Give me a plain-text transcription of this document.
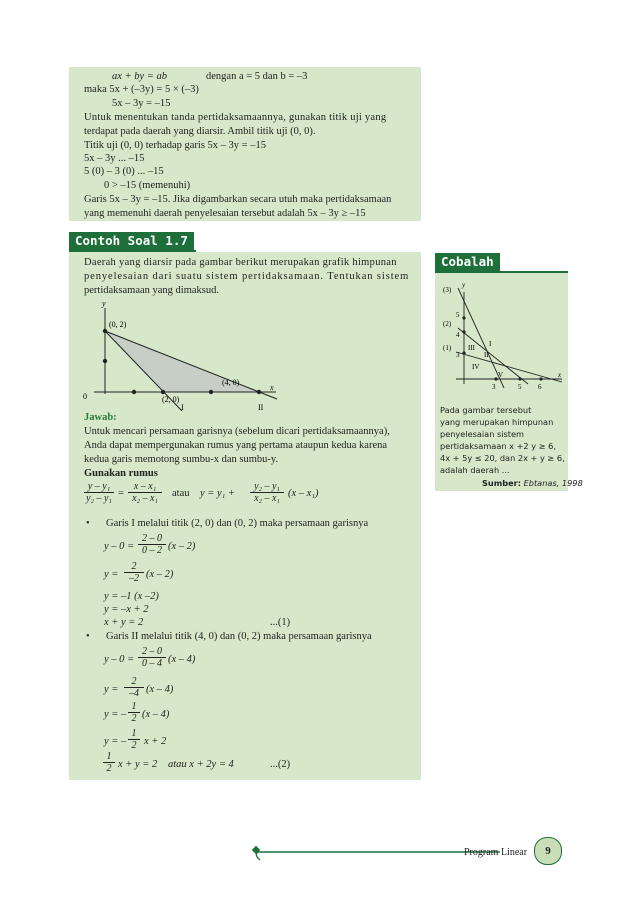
ax + by = ab	dengan a = 5 dan b = –3
maka 5x + (–3y) = 5 × (–3)
5x – 3y = –15
Untuk menentukan tanda pertidaksamaannya, gunakan titik uji yang
terdapat pada daerah yang diarsir. Ambil titik uji (0, 0).
Titik uji (0, 0) terhadap garis 5x – 3y = –15
5x – 3y ... –15
5 (0) – 3 (0) ... –15
0 > –15 (memenuhi)
Garis 5x – 3y = –15. Jika digambarkan secara utuh maka pertidaksamaan
yang memenuhi daerah penyelesaian tersebut adalah 5x – 3y ≥ –15
Contoh Soal 1.7
Daerah yang diarsir pada gambar berikut merupakan grafik himpunan
penyelesaian dari suatu sistem pertidaksamaan. Tentukan sistem
pertidaksamaan yang dimaksud.
y
x
(0, 2)
(4, 0)
(2, 0)
0
I	II
Jawab:
Untuk mencari persamaan garisnya (sebelum dicari pertidaksamaannya),
Anda dapat mempergunakan rumus yang pertama ataupun kedua karena
kedua garis memotong sumbu-x dan sumbu-y.
Gunakan rumus
$\frac{\text{y – y₁}}{\text{y₂ – y₁}} = \frac{\text{x – x₁}}{\text{x₂ – x₁}}$ atau $y = y_1 + \frac{\text{y₂ – y₁}}{\text{x₂ – x₁}} (x - x_1)$
• Garis I melalui titik (2, 0) dan (0, 2) maka persamaan garisnya
$y - 0 = \frac{2 - 0}{0 - 2} (x - 2)$
$y = \frac{2}{-2} (x - 2)$
y = –1 (x –2)
y = –x + 2
x + y = 2	...(1)
• Garis II melalui titik (4, 0) dan (0, 2) maka persamaan garisnya
$y - 0 = \frac{2 - 0}{0 - 4} (x - 4)$
$y = \frac{2}{-4} (x - 4)$
y = – $\frac{1}{2} (x - 4)$
y = – $\frac{1}{2}$ x + 2
$\frac{1}{2}$ x + y = 2 atau x + 2y = 4	...(2)
Cobalah
y
x
(3)
(2)
(1)
5
4
3
3	5 6
I
II
III
IV
V
Pada gambar tersebut
yang merupakan himpunan
penyelesaian sistem
pertidaksamaan x +2 y ≥ 6,
4x + 5y ≤ 20, dan 2x + y ≥ 6,
adalah daerah ...
Sumber: Ebtanas, 1998
Program Linear	9
